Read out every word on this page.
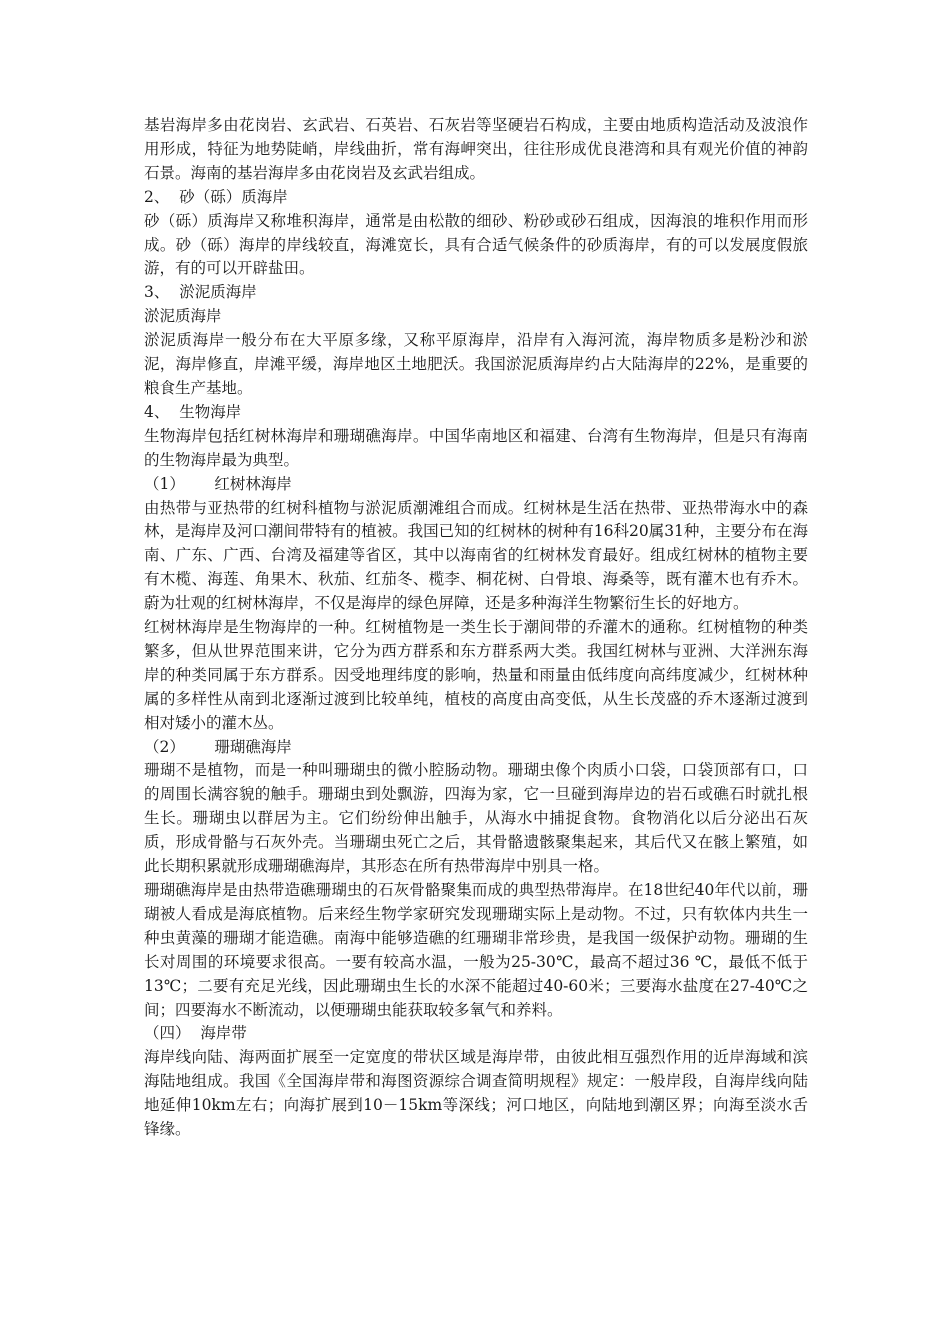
基岩海岸多由花岗岩、玄武岩、石英岩、石灰岩等坚硬岩石构成，主要由地质构造活动及波浪作用形成，特征为地势陡峭，岸线曲折，常有海岬突出，往往形成优良港湾和具有观光价值的神韵石景。海南的基岩海岸多由花岗岩及玄武岩组成。

2、  砂（砾）质海岸

砂（砾）质海岸又称堆积海岸，通常是由松散的细砂、粉砂或砂石组成，因海浪的堆积作用而形成。砂（砾）海岸的岸线较直，海滩宽长，具有合适气候条件的砂质海岸，有的可以发展度假旅游，有的可以开辟盐田。

3、  淤泥质海岸

淤泥质海岸

淤泥质海岸一般分布在大平原多缘，又称平原海岸，沿岸有入海河流，海岸物质多是粉沙和淤泥，海岸修直，岸滩平缓，海岸地区土地肥沃。我国淤泥质海岸约占大陆海岸的22%，是重要的粮食生产基地。

4、  生物海岸

生物海岸包括红树林海岸和珊瑚礁海岸。中国华南地区和福建、台湾有生物海岸，但是只有海南的生物海岸最为典型。

（1）      红树林海岸

由热带与亚热带的红树科植物与淤泥质潮滩组合而成。红树林是生活在热带、亚热带海水中的森林，是海岸及河口潮间带特有的植被。我国已知的红树林的树种有16科20属31种，主要分布在海南、广东、广西、台湾及福建等省区，其中以海南省的红树林发育最好。组成红树林的植物主要有木榄、海莲、角果木、秋茄、红茄冬、榄李、桐花树、白骨埌、海桑等，既有灌木也有乔木。蔚为壮观的红树林海岸，不仅是海岸的绿色屏障，还是多种海洋生物繁衍生长的好地方。

红树林海岸是生物海岸的一种。红树植物是一类生长于潮间带的乔灌木的通称。红树植物的种类繁多，但从世界范围来讲，它分为西方群系和东方群系两大类。我国红树林与亚洲、大洋洲东海岸的种类同属于东方群系。因受地理纬度的影响，热量和雨量由低纬度向高纬度减少，红树林种属的多样性从南到北逐渐过渡到比较单纯，植枝的高度由高变低，从生长茂盛的乔木逐渐过渡到相对矮小的灌木丛。

（2）      珊瑚礁海岸

珊瑚不是植物，而是一种叫珊瑚虫的微小腔肠动物。珊瑚虫像个肉质小口袋，口袋顶部有口，口的周围长满容貌的触手。珊瑚虫到处飘游，四海为家，它一旦碰到海岸边的岩石或礁石时就扎根生长。珊瑚虫以群居为主。它们纷纷伸出触手，从海水中捕捉食物。食物消化以后分泌出石灰质，形成骨骼与石灰外壳。当珊瑚虫死亡之后，其骨骼遗骸聚集起来，其后代又在骸上繁殖，如此长期积累就形成珊瑚礁海岸，其形态在所有热带海岸中别具一格。

珊瑚礁海岸是由热带造礁珊瑚虫的石灰骨骼聚集而成的典型热带海岸。在18世纪40年代以前，珊瑚被人看成是海底植物。后来经生物学家研究发现珊瑚实际上是动物。不过，只有软体内共生一种虫黄藻的珊瑚才能造礁。南海中能够造礁的红珊瑚非常珍贵，是我国一级保护动物。珊瑚的生长对周围的环境要求很高。一要有较高水温，一般为25-30℃，最高不超过36 ℃，最低不低于13℃；二要有充足光线，因此珊瑚虫生长的水深不能超过40-60米；三要海水盐度在27-40℃之间；四要海水不断流动，以便珊瑚虫能获取较多氧气和养料。

（四）  海岸带

海岸线向陆、海两面扩展至一定宽度的带状区域是海岸带，由彼此相互强烈作用的近岸海域和滨海陆地组成。我国《全国海岸带和海图资源综合调查简明规程》规定：一般岸段，自海岸线向陆地延伸10km左右；向海扩展到10－15km等深线；河口地区，向陆地到潮区界；向海至淡水舌锋缘。
